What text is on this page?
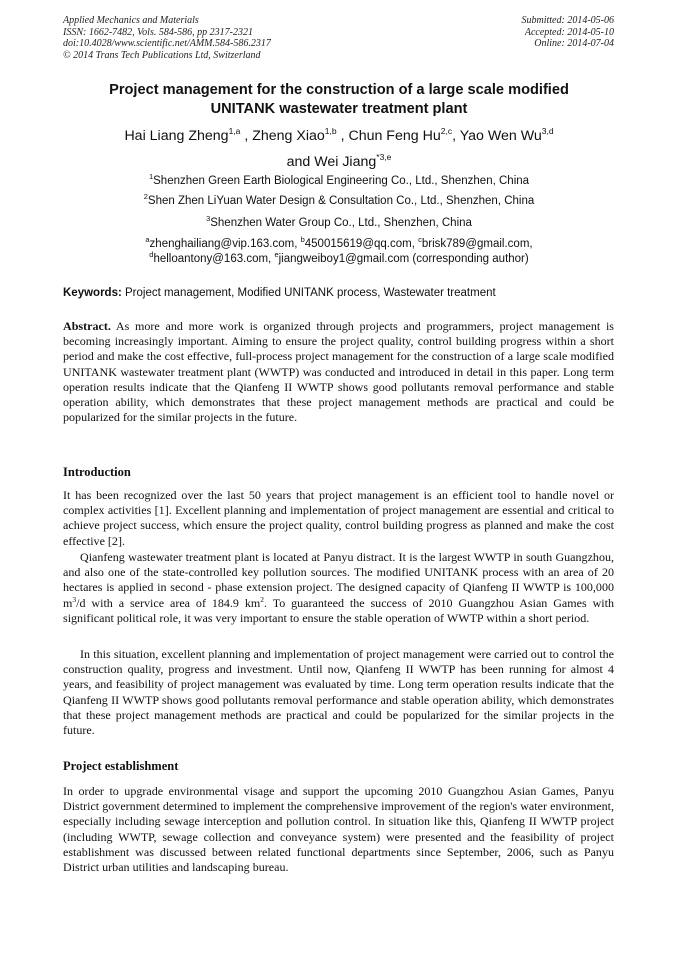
Applied Mechanics and Materials
ISSN: 1662-7482, Vols. 584-586, pp 2317-2321
doi:10.4028/www.scientific.net/AMM.584-586.2317
© 2014 Trans Tech Publications Ltd, Switzerland
Submitted: 2014-05-06
Accepted: 2014-05-10
Online: 2014-07-04
Project management for the construction of a large scale modified
UNITANK wastewater treatment plant
Hai Liang Zheng$^{1,a}$ , Zheng Xiao$^{1,b}$ , Chun Feng Hu$^{2,c}$, Yao Wen Wu$^{3,d}$
and Wei Jiang$^{*3,e}$
$^1$Shenzhen Green Earth Biological Engineering Co., Ltd., Shenzhen, China
$^2$Shen Zhen LiYuan Water Design & Consultation Co., Ltd., Shenzhen, China
$^3$Shenzhen Water Group Co., Ltd., Shenzhen, China
$^a$zhenghailiang@vip.163.com, $^b$450015619@qq.com, $^c$brisk789@gmail.com,
$^d$helloantony@163.com, $^e$jiangweiboy1@gmail.com (corresponding author)
Keywords: Project management, Modified UNITANK process, Wastewater treatment

Abstract. As more and more work is organized through projects and programmers, project management is becoming increasingly important. Aiming to ensure the project quality, control building progress within a short period and make the cost effective, full-process project management for the construction of a large scale modified UNITANK wastewater treatment plant (WWTP) was conducted and introduced in detail in this paper. Long term operation results indicate that the Qianfeng II WWTP shows good pollutants removal performance and stable operation ability, which demonstrates that these project management methods are practical and could be popularized for the similar projects in the future.

Introduction

It has been recognized over the last 50 years that project management is an efficient tool to handle novel or complex activities [1]. Excellent planning and implementation of project management are essential and critical to achieve project success, which ensure the project quality, control building progress as planned and make the cost effective [2].

Qianfeng wastewater treatment plant is located at Panyu distract. It is the largest WWTP in south Guangzhou, and also one of the state-controlled key pollution sources. The modified UNITANK process with an area of 20 hectares is applied in second - phase extension project. The designed capacity of Qianfeng II WWTP is 100,000 $m^3/d$ with a service area of 184.9 $km^2$. To guaranteed the success of 2010 Guangzhou Asian Games with significant political role, it was very important to ensure the stable operation of WWTP within a short period.

In this situation, excellent planning and implementation of project management were carried out to control the construction quality, progress and investment. Until now, Qianfeng II WWTP has been running for almost 4 years, and feasibility of project management was evaluated by time. Long term operation results indicate that the Qianfeng II WWTP shows good pollutants removal performance and stable operation ability, which demonstrates that these project management methods are practical and could be popularized for the similar projects in the future.

Project establishment

In order to upgrade environmental visage and support the upcoming 2010 Guangzhou Asian Games, Panyu District government determined to implement the comprehensive improvement of the region's water environment, especially including sewage interception and pollution control. In situation like this, Qianfeng II WWTP project (including WWTP, sewage collection and conveyance system) were presented and the feasibility of project establishment was discussed between related functional departments since September, 2006, such as Panyu District urban utilities and landscaping bureau.
